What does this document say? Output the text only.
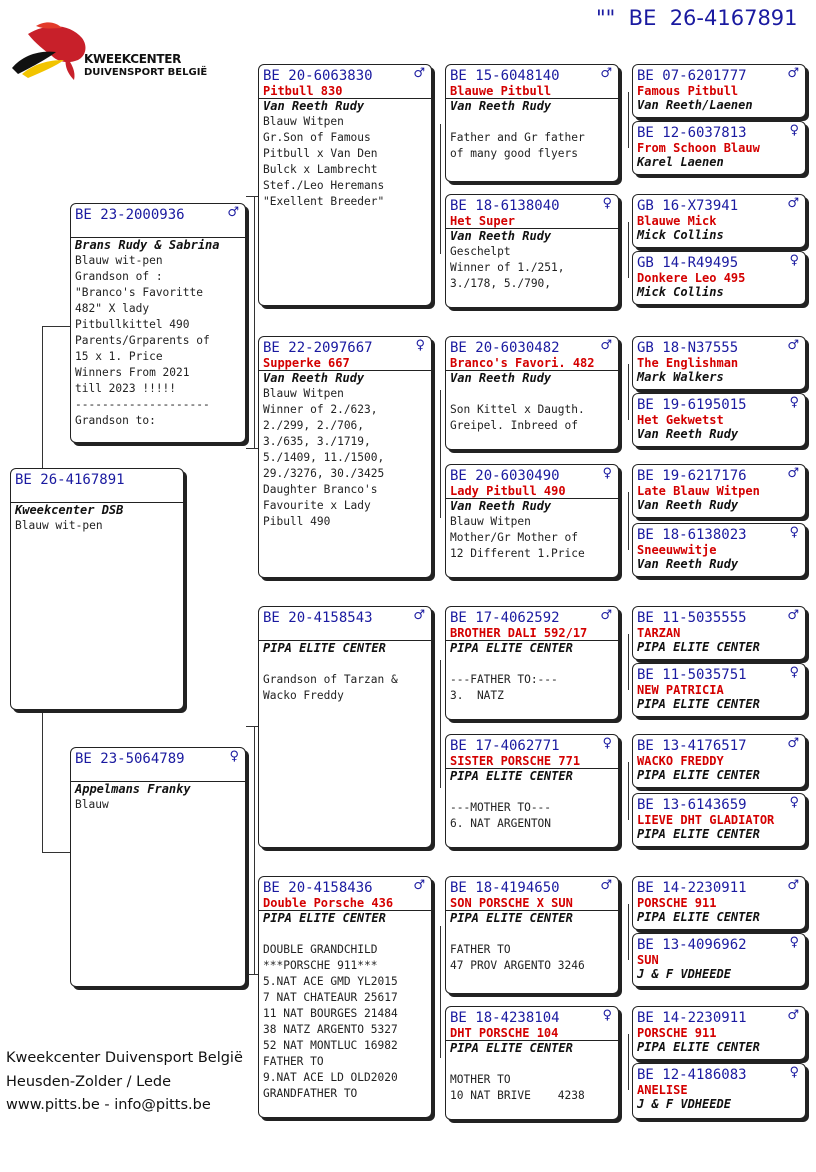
""  BE  26-4167891
KWEEKCENTER
DUIVENSPORT BELGIË
BE 26-4167891
Kweekcenter DSB
Blauw wit-pen
BE 23-2000936	♂
Brans Rudy & Sabrina
Blauw wit-pen
Grandson of :
"Branco's Favoritte
482" X lady
Pitbullkittel 490
Parents/Grparents of
15 x 1. Price
Winners From 2021
till 2023 !!!!!
--------------------
Grandson to:
BE 23-5064789	♀
Appelmans Franky
Blauw
BE 20-6063830	♂
Pitbull 830
Van Reeth Rudy
Blauw Witpen
Gr.Son of Famous
Pitbull x Van Den
Bulck x Lambrecht
Stef./Leo Heremans
"Exellent Breeder"
BE 22-2097667	♀
Supperke 667
Van Reeth Rudy
Blauw Witpen
Winner of 2./623,
2./299, 2./706,
3./635, 3./1719,
5./1409, 11./1500,
29./3276, 30./3425
Daughter Branco's
Favourite x Lady
Pibull 490
BE 20-4158543	♂
PIPA ELITE CENTER

Grandson of Tarzan &
Wacko Freddy
BE 20-4158436	♂
Double Porsche 436
PIPA ELITE CENTER

DOUBLE GRANDCHILD
***PORSCHE 911***
5.NAT ACE GMD YL2015
7 NAT CHATEAUR 25617
11 NAT BOURGES 21484
38 NATZ ARGENTO 5327
52 NAT MONTLUC 16982
FATHER TO
9.NAT ACE LD OLD2020
GRANDFATHER TO
BE 15-6048140	♂
Blauwe Pitbull
Van Reeth Rudy

Father and Gr father
of many good flyers
BE 18-6138040	♀
Het Super
Van Reeth Rudy
Geschelpt
Winner of 1./251,
3./178, 5./790,
BE 20-6030482	♂
Branco's Favori. 482
Van Reeth Rudy

Son Kittel x Daugth.
Greipel. Inbreed of
BE 20-6030490	♀
Lady Pitbull 490
Van Reeth Rudy
Blauw Witpen
Mother/Gr Mother of
12 Different 1.Price
BE 17-4062592	♂
BROTHER DALI 592/17
PIPA ELITE CENTER

---FATHER TO:---
3.  NATZ
BE 17-4062771	♀
SISTER PORSCHE 771
PIPA ELITE CENTER

---MOTHER TO---
6. NAT ARGENTON
BE 18-4194650	♂
SON PORSCHE X SUN
PIPA ELITE CENTER

FATHER TO
47 PROV ARGENTO 3246
BE 18-4238104	♀
DHT PORSCHE 104
PIPA ELITE CENTER

MOTHER TO
10 NAT BRIVE    4238
BE 07-6201777	♂
Famous Pitbull
Van Reeth/Laenen
BE 12-6037813	♀
From Schoon Blauw
Karel Laenen
GB 16-X73941	♂
Blauwe Mick
Mick Collins
GB 14-R49495	♀
Donkere Leo 495
Mick Collins
GB 18-N37555	♂
The Englishman
Mark Walkers
BE 19-6195015	♀
Het Gekwetst
Van Reeth Rudy
BE 19-6217176	♂
Late Blauw Witpen
Van Reeth Rudy
BE 18-6138023	♀
Sneeuwwitje
Van Reeth Rudy
BE 11-5035555	♂
TARZAN
PIPA ELITE CENTER
BE 11-5035751	♀
NEW PATRICIA
PIPA ELITE CENTER
BE 13-4176517	♂
WACKO FREDDY
PIPA ELITE CENTER
BE 13-6143659	♀
LIEVE DHT GLADIATOR
PIPA ELITE CENTER
BE 14-2230911	♂
PORSCHE 911
PIPA ELITE CENTER
BE 13-4096962	♀
SUN
J & F VDHEEDE
BE 14-2230911	♂
PORSCHE 911
PIPA ELITE CENTER
BE 12-4186083	♀
ANELISE
J & F VDHEEDE
Kweekcenter Duivensport België
Heusden-Zolder / Lede
www.pitts.be - info@pitts.be
